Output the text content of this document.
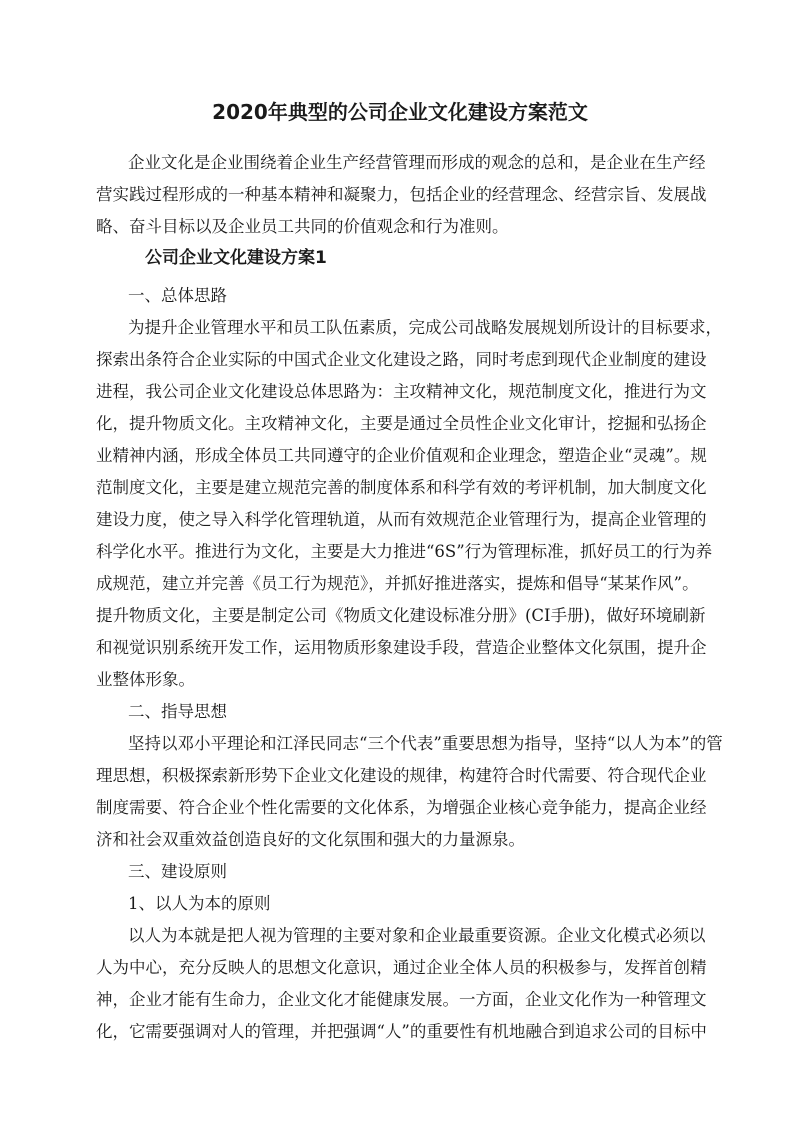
2020年典型的公司企业文化建设方案范文
企业文化是企业围绕着企业生产经营管理而形成的观念的总和，是企业在生产经
营实践过程形成的一种基本精神和凝聚力，包括企业的经营理念、经营宗旨、发展战
略、奋斗目标以及企业员工共同的价值观念和行为准则。
公司企业文化建设方案1
一、总体思路
为提升企业管理水平和员工队伍素质，完成公司战略发展规划所设计的目标要求，
探索出条符合企业实际的中国式企业文化建设之路，同时考虑到现代企业制度的建设
进程，我公司企业文化建设总体思路为：主攻精神文化，规范制度文化，推进行为文
化，提升物质文化。主攻精神文化，主要是通过全员性企业文化审计，挖掘和弘扬企
业精神内涵，形成全体员工共同遵守的企业价值观和企业理念，塑造企业“灵魂”。规
范制度文化，主要是建立规范完善的制度体系和科学有效的考评机制，加大制度文化
建设力度，使之导入科学化管理轨道，从而有效规范企业管理行为，提高企业管理的
科学化水平。推进行为文化，主要是大力推进“6S”行为管理标准，抓好员工的行为养
成规范，建立并完善《员工行为规范》，并抓好推进落实，提炼和倡导“某某作风”。
提升物质文化，主要是制定公司《物质文化建设标准分册》(CI手册)，做好环境刷新
和视觉识别系统开发工作，运用物质形象建设手段，营造企业整体文化氛围，提升企
业整体形象。
二、指导思想
坚持以邓小平理论和江泽民同志“三个代表”重要思想为指导，坚持“以人为本”的管
理思想，积极探索新形势下企业文化建设的规律，构建符合时代需要、符合现代企业
制度需要、符合企业个性化需要的文化体系，为增强企业核心竞争能力，提高企业经
济和社会双重效益创造良好的文化氛围和强大的力量源泉。
三、建设原则
1、以人为本的原则
以人为本就是把人视为管理的主要对象和企业最重要资源。企业文化模式必须以
人为中心，充分反映人的思想文化意识，通过企业全体人员的积极参与，发挥首创精
神，企业才能有生命力，企业文化才能健康发展。一方面，企业文化作为一种管理文
化，它需要强调对人的管理，并把强调“人”的重要性有机地融合到追求公司的目标中
